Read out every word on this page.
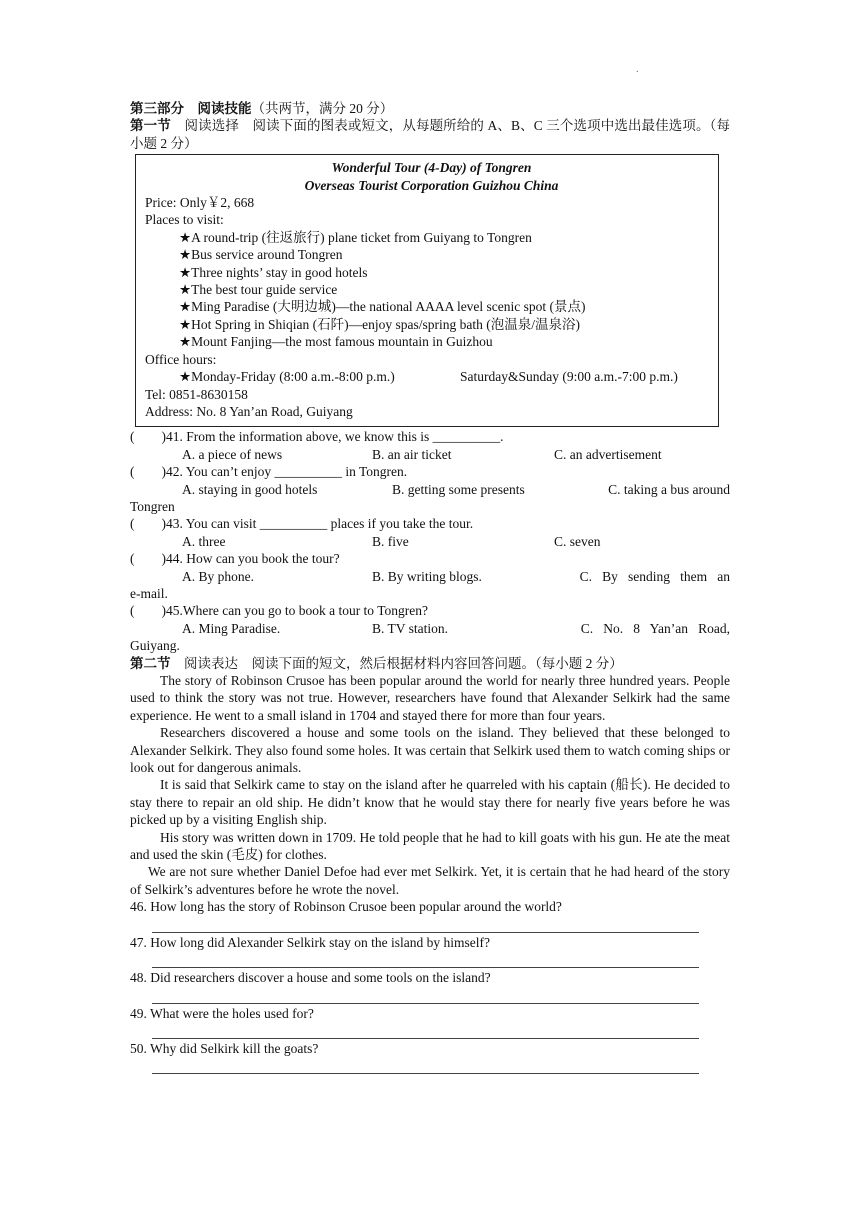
.

第三部分　阅读技能（共两节，满分 20 分）

第一节　阅读选择　阅读下面的图表或短文，从每题所给的 A、B、C 三个选项中选出最佳选项。（每小题 2 分）

Wonderful Tour (4-Day) of Tongren
Overseas Tourist Corporation Guizhou China
Price: Only￥2, 668
Places to visit:
★A round-trip (往返旅行) plane ticket from Guiyang to Tongren
★Bus service around Tongren
★Three nights’ stay in good hotels
★The best tour guide service
★Ming Paradise (大明边城)—the national AAAA level scenic spot (景点)
★Hot Spring in Shiqian (石阡)—enjoy spas/spring bath (泡温泉/温泉浴)
★Mount Fanjing—the most famous mountain in Guizhou
Office hours:
★Monday-Friday (8:00 a.m.-8:00 p.m.)	Saturday&Sunday (9:00 a.m.-7:00 p.m.)
Tel: 0851-8630158
Address: No. 8 Yan’an Road, Guiyang

(　　)41. From the information above, we know this is __________.

A. a piece of news	B. an air ticket	C. an advertisement

(　　)42. You can’t enjoy __________ in Tongren.

A. staying in good hotels	B. getting some presents	C. taking a bus around

Tongren

(　　)43. You can visit __________ places if you take the tour.

A. three	B. five	C. seven

(　　)44. How can you book the tour?

A. By phone.	B. By writing blogs.	C.   By   sending   them   an

e-mail.

(　　)45.Where can you go to book a tour to Tongren?

A. Ming Paradise.	B. TV station.	C.   No.   8   Yan’an   Road,

Guiyang.

第二节　阅读表达　阅读下面的短文，然后根据材料内容回答问题。（每小题 2 分）

The story of Robinson Crusoe has been popular around the world for nearly three hundred years. People used to think the story was not true. However, researchers have found that Alexander Selkirk had the same experience. He went to a small island in 1704 and stayed there for more than four years.

Researchers discovered a house and some tools on the island. They believed that these belonged to Alexander Selkirk. They also found some holes. It was certain that Selkirk used them to watch coming ships or look out for dangerous animals.

It is said that Selkirk came to stay on the island after he quarreled with his captain (船长). He decided to stay there to repair an old ship. He didn’t know that he would stay there for nearly five years before he was picked up by a visiting English ship.

His story was written down in 1709. He told people that he had to kill goats with his gun. He ate the meat and used the skin (毛皮) for clothes.

We are not sure whether Daniel Defoe had ever met Selkirk. Yet, it is certain that he had heard of the story of Selkirk’s adventures before he wrote the novel.

46. How long has the story of Robinson Crusoe been popular around the world?

47. How long did Alexander Selkirk stay on the island by himself?

48. Did researchers discover a house and some tools on the island?

49. What were the holes used for?

50. Why did Selkirk kill the goats?
